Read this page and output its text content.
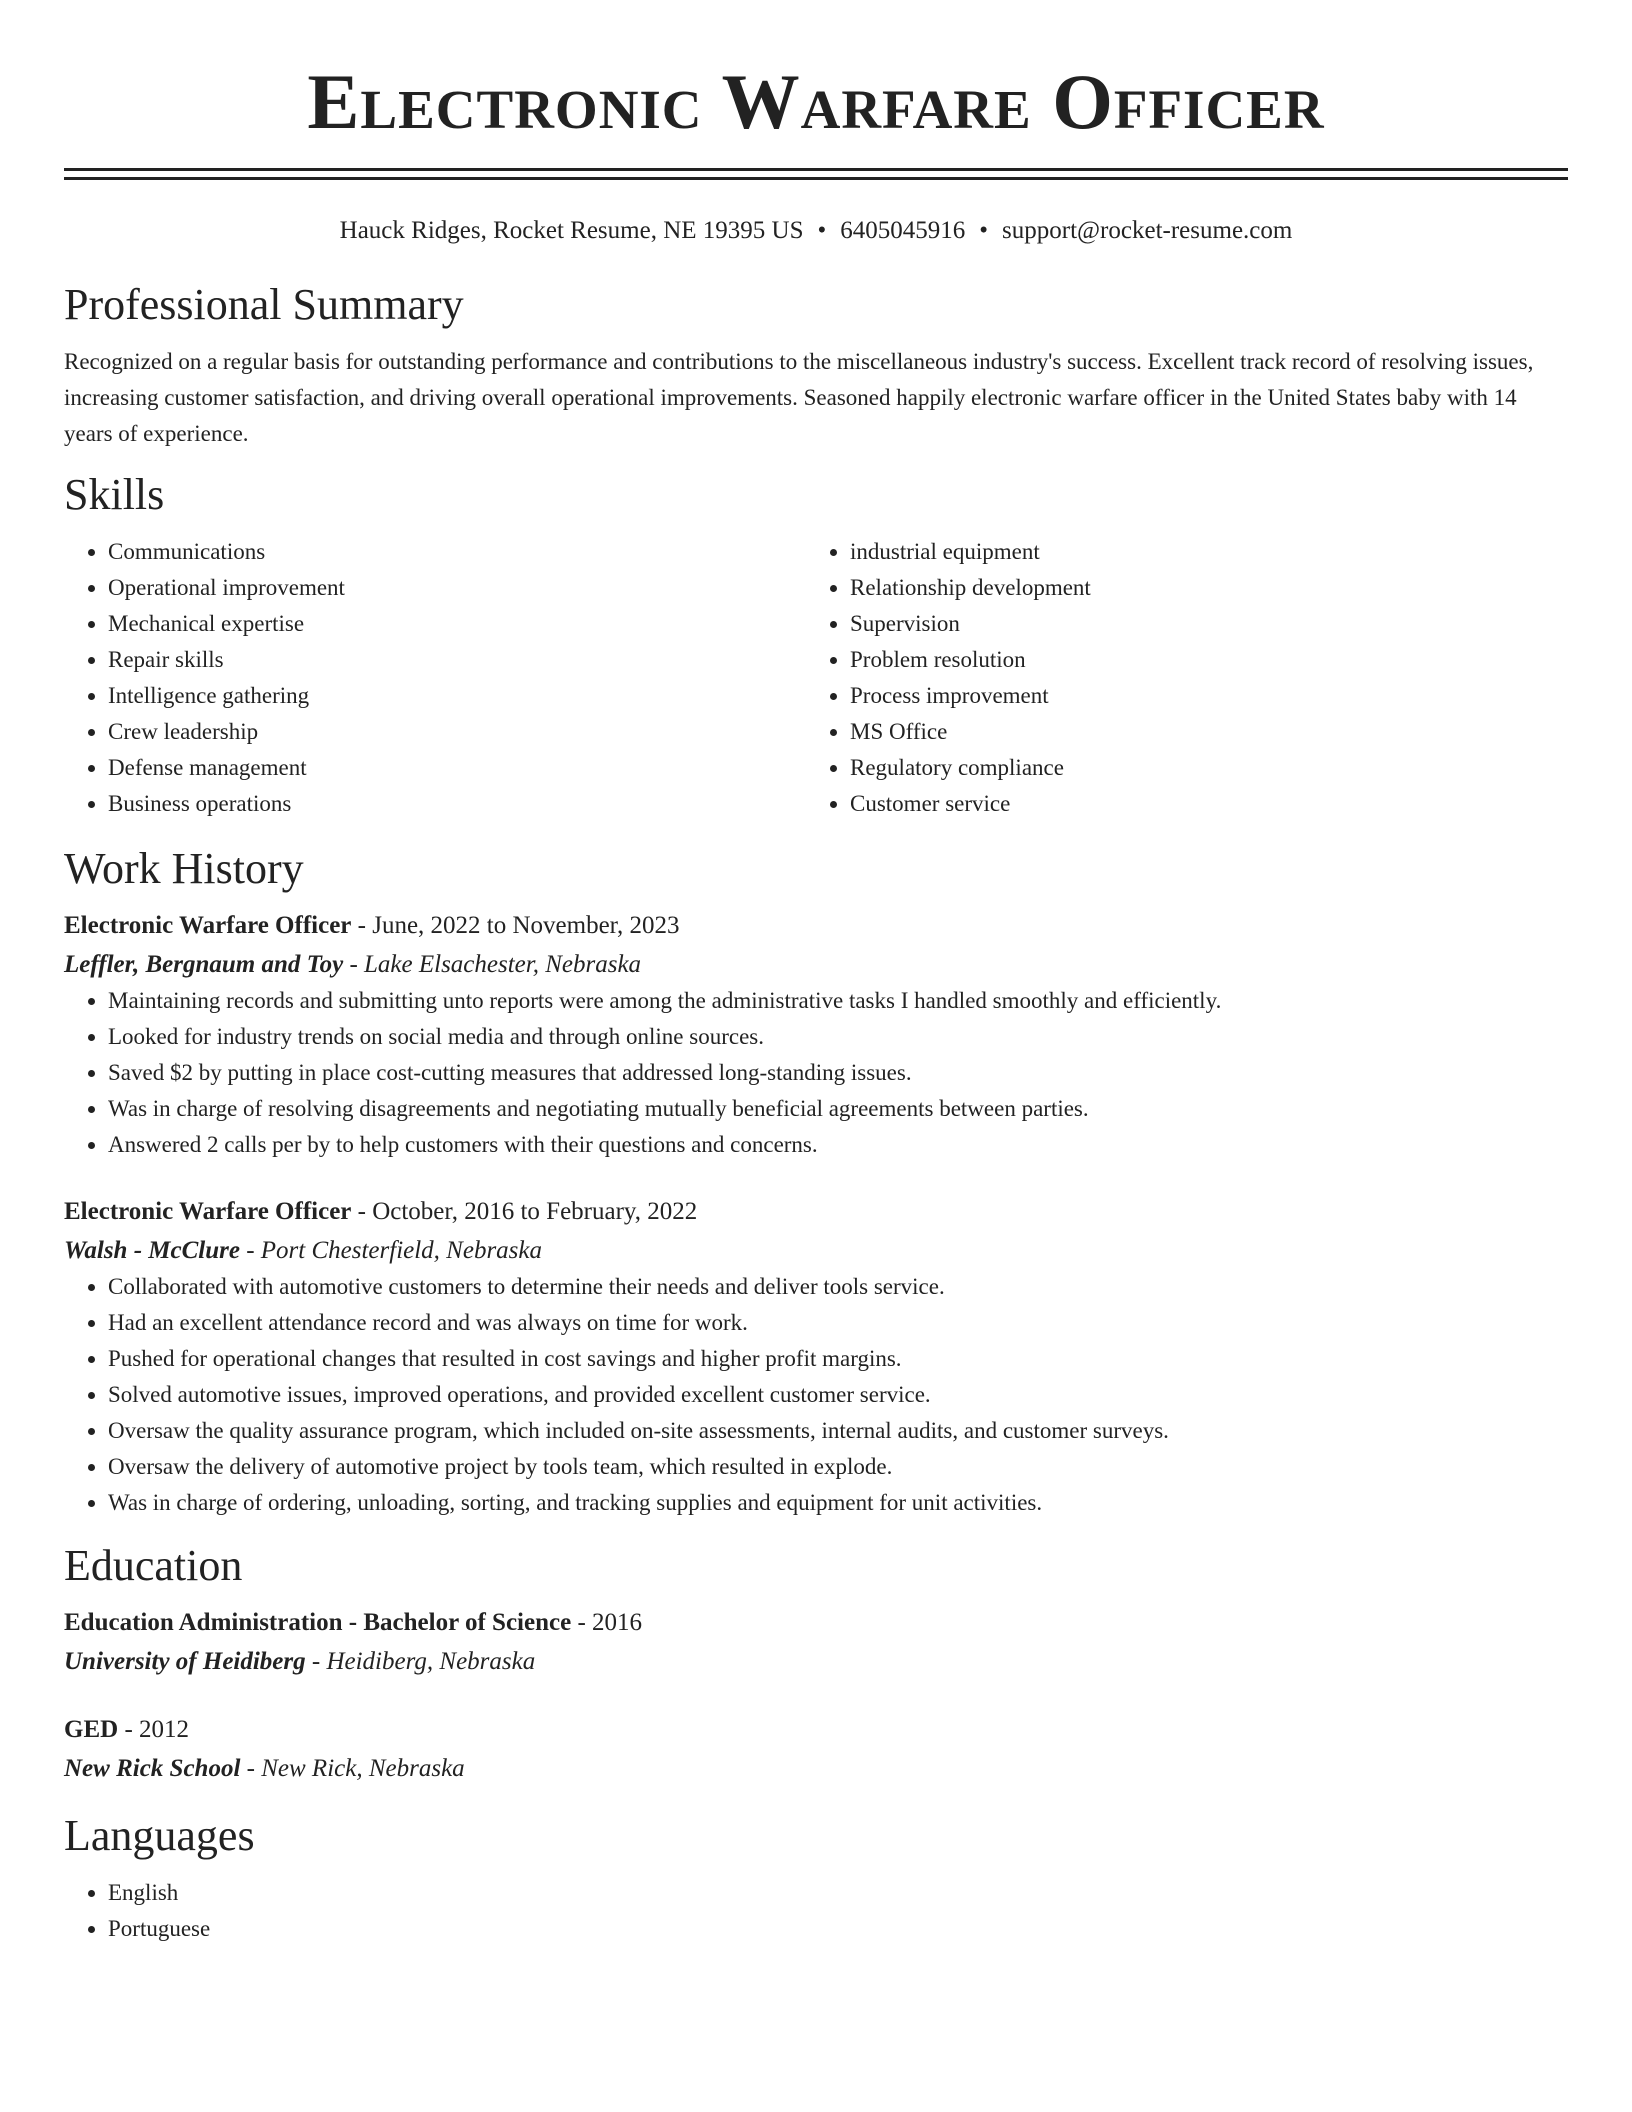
Electronic Warfare Officer
Hauck Ridges, Rocket Resume, NE 19395 US • 6405045916 • support@rocket-resume.com
Professional Summary

Recognized on a regular basis for outstanding performance and contributions to the miscellaneous industry's success. Excellent track record of resolving issues, increasing customer satisfaction, and driving overall operational improvements. Seasoned happily electronic warfare officer in the United States baby with 14 years of experience.

Skills
• Communications
• Operational improvement
• Mechanical expertise
• Repair skills
• Intelligence gathering
• Crew leadership
• Defense management
• Business operations
• industrial equipment
• Relationship development
• Supervision
• Problem resolution
• Process improvement
• MS Office
• Regulatory compliance
• Customer service
Work History

Electronic Warfare Officer - June, 2022 to November, 2023

Leffler, Bergnaum and Toy - Lake Elsachester, Nebraska

• Maintaining records and submitting unto reports were among the administrative tasks I handled smoothly and efficiently.
• Looked for industry trends on social media and through online sources.
• Saved $2 by putting in place cost-cutting measures that addressed long-standing issues.
• Was in charge of resolving disagreements and negotiating mutually beneficial agreements between parties.
• Answered 2 calls per by to help customers with their questions and concerns.

Electronic Warfare Officer - October, 2016 to February, 2022

Walsh - McClure - Port Chesterfield, Nebraska

• Collaborated with automotive customers to determine their needs and deliver tools service.
• Had an excellent attendance record and was always on time for work.
• Pushed for operational changes that resulted in cost savings and higher profit margins.
• Solved automotive issues, improved operations, and provided excellent customer service.
• Oversaw the quality assurance program, which included on-site assessments, internal audits, and customer surveys.
• Oversaw the delivery of automotive project by tools team, which resulted in explode.
• Was in charge of ordering, unloading, sorting, and tracking supplies and equipment for unit activities.
Education

Education Administration - Bachelor of Science - 2016

University of Heidiberg - Heidiberg, Nebraska

GED - 2012

New Rick School - New Rick, Nebraska

Languages
• English
• Portuguese
